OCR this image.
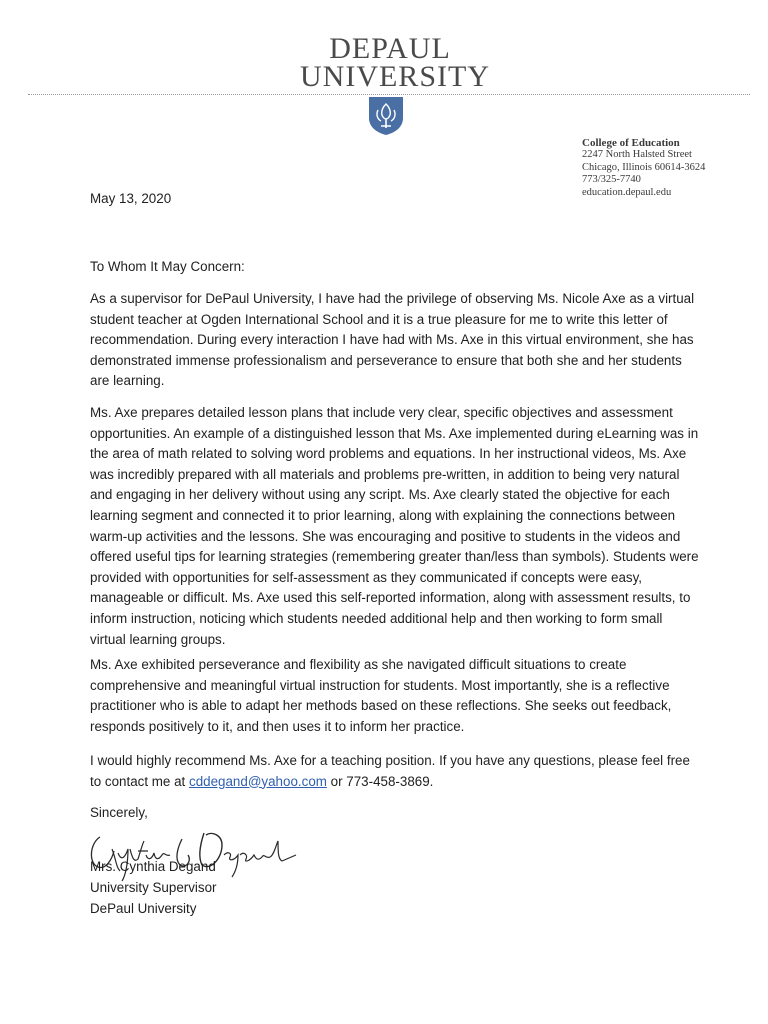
DEPAUL
UNIVERSITY
College of Education
2247 North Halsted Street
Chicago, Illinois 60614-3624
773/325-7740
education.depaul.edu
May 13, 2020
To Whom It May Concern:
As a supervisor for DePaul University, I have had the privilege of observing Ms. Nicole Axe as a virtual student teacher at Ogden International School and it is a true pleasure for me to write this letter of recommendation. During every interaction I have had with Ms. Axe in this virtual environment, she has demonstrated immense professionalism and perseverance to ensure that both she and her students are learning.
Ms. Axe prepares detailed lesson plans that include very clear, specific objectives and assessment opportunities. An example of a distinguished lesson that Ms. Axe implemented during eLearning was in the area of math related to solving word problems and equations. In her instructional videos, Ms. Axe was incredibly prepared with all materials and problems pre-written, in addition to being very natural and engaging in her delivery without using any script. Ms. Axe clearly stated the objective for each learning segment and connected it to prior learning, along with explaining the connections between warm-up activities and the lessons. She was encouraging and positive to students in the videos and offered useful tips for learning strategies (remembering greater than/less than symbols). Students were provided with opportunities for self-assessment as they communicated if concepts were easy, manageable or difficult. Ms. Axe used this self-reported information, along with assessment results, to inform instruction, noticing which students needed additional help and then working to form small virtual learning groups.
Ms. Axe exhibited perseverance and flexibility as she navigated difficult situations to create comprehensive and meaningful virtual instruction for students. Most importantly, she is a reflective practitioner who is able to adapt her methods based on these reflections. She seeks out feedback, responds positively to it, and then uses it to inform her practice.
I would highly recommend Ms. Axe for a teaching position. If you have any questions, please feel free to contact me at cddegand@yahoo.com or 773-458-3869.
Sincerely,
Mrs. Cynthia Degand
University Supervisor
DePaul University
